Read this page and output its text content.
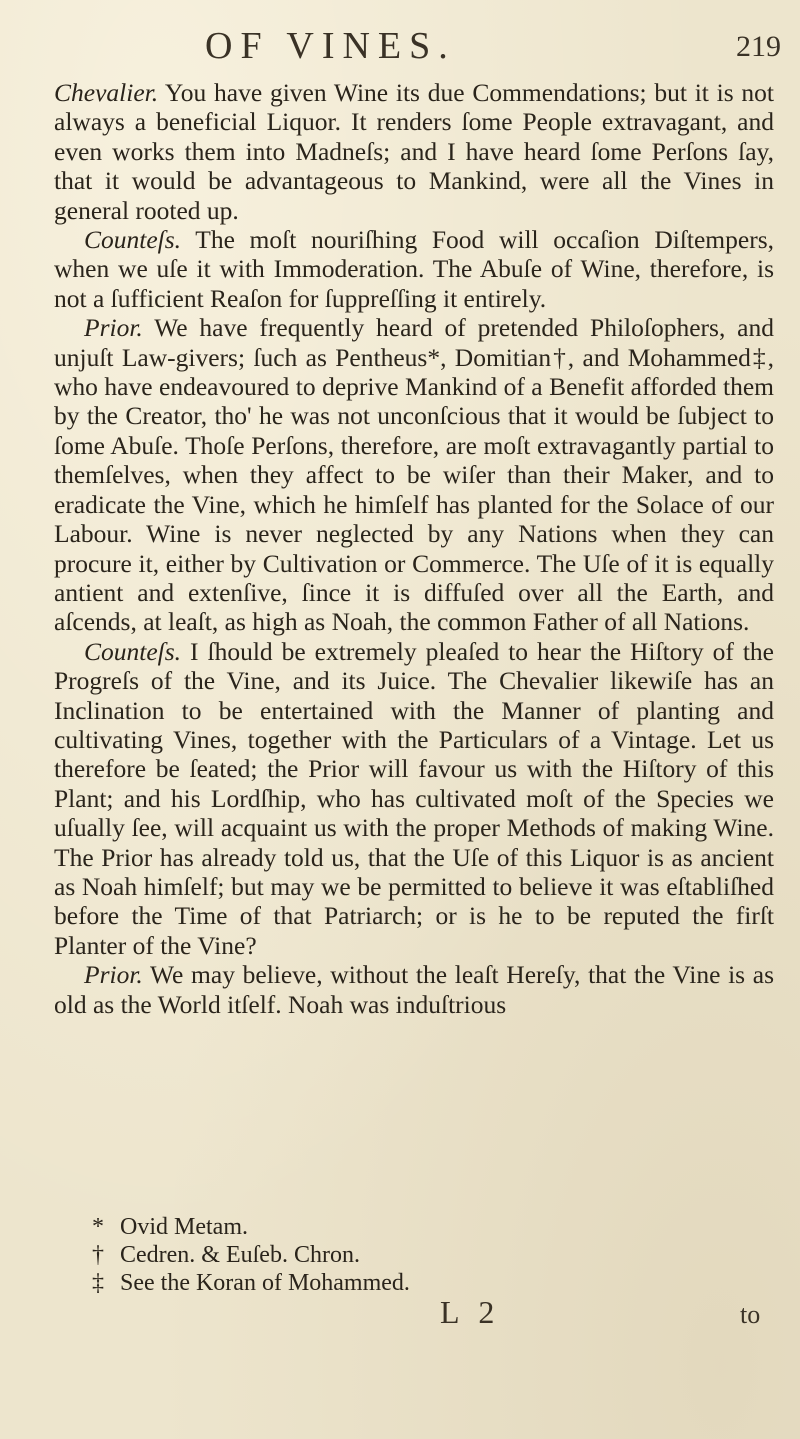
OF VINES.	219

Chevalier. You have given Wine its due Commendations; but it is not always a beneficial Liquor. It renders ſome People extravagant, and even works them into Madneſs; and I have heard ſome Perſons ſay, that it would be advantageous to Mankind, were all the Vines in general rooted up.

Counteſs. The moſt nouriſhing Food will occaſion Diſtempers, when we uſe it with Immoderation. The Abuſe of Wine, therefore, is not a ſufficient Reaſon for ſuppreſſing it entirely.

Prior. We have frequently heard of pretended Philoſophers, and unjuſt Law-givers; ſuch as Pentheus*, Domitian†, and Mohammed‡, who have endeavoured to deprive Mankind of a Benefit afforded them by the Creator, tho' he was not unconſcious that it would be ſubject to ſome Abuſe. Thoſe Perſons, therefore, are moſt extravagantly partial to themſelves, when they affect to be wiſer than their Maker, and to eradicate the Vine, which he himſelf has planted for the Solace of our Labour. Wine is never neglected by any Nations when they can procure it, either by Cultivation or Commerce. The Uſe of it is equally antient and extenſive, ſince it is diffuſed over all the Earth, and aſcends, at leaſt, as high as Noah, the common Father of all Nations.

Counteſs. I ſhould be extremely pleaſed to hear the Hiſtory of the Progreſs of the Vine, and its Juice. The Chevalier likewiſe has an Inclination to be entertained with the Manner of planting and cultivating Vines, together with the Particulars of a Vintage. Let us therefore be ſeated; the Prior will favour us with the Hiſtory of this Plant; and his Lordſhip, who has cultivated moſt of the Species we uſually ſee, will acquaint us with the proper Methods of making Wine. The Prior has already told us, that the Uſe of this Liquor is as ancient as Noah himſelf; but may we be permitted to believe it was eſtabliſhed before the Time of that Patriarch; or is he to be reputed the firſt Planter of the Vine?

Prior. We may believe, without the leaſt Hereſy, that the Vine is as old as the World itſelf. Noah was induſtrious

* Ovid Metam.

† Cedren. & Euſeb. Chron.

‡ See the Koran of Mohammed.

L 2	to
